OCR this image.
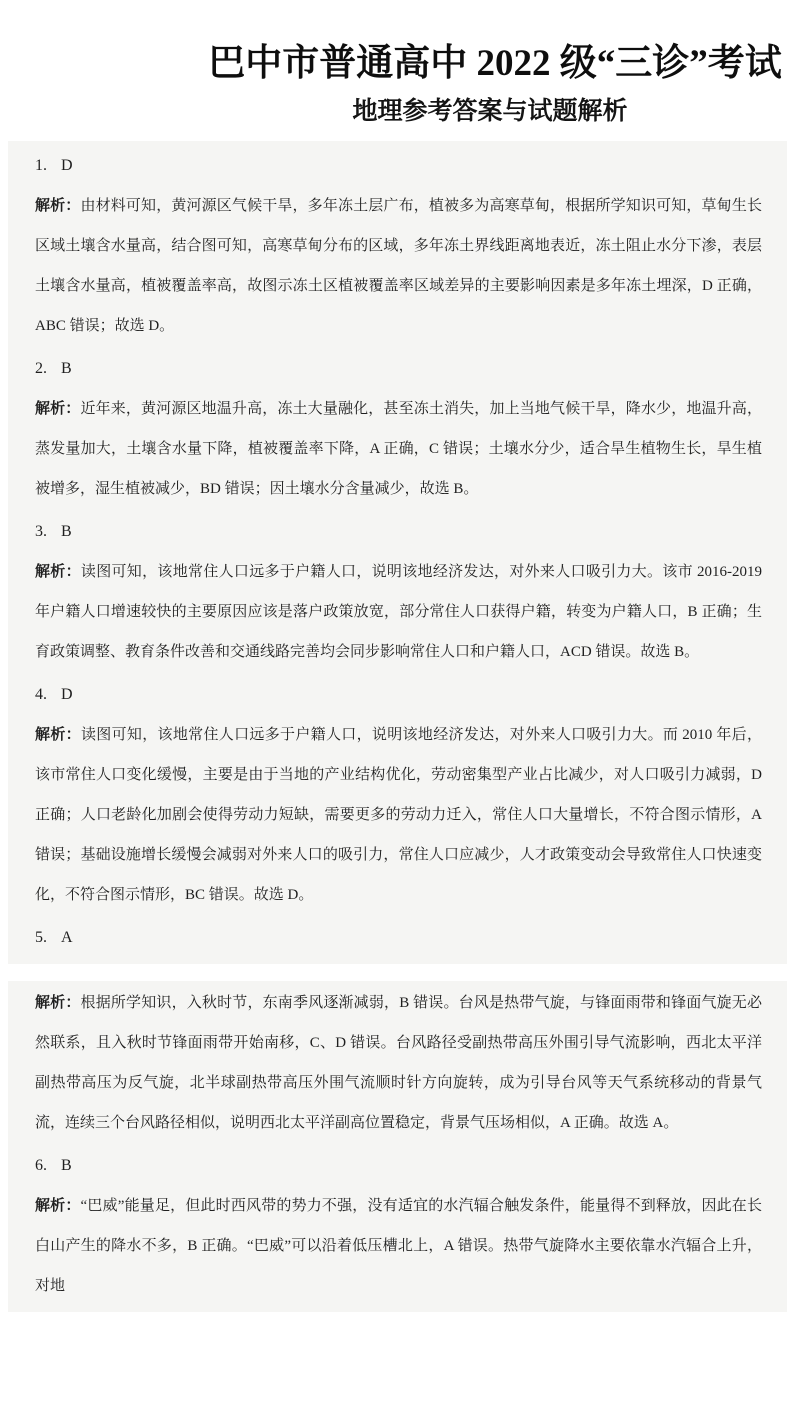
巴中市普通高中 2022 级“三诊”考试
地理参考答案与试题解析

1. D

解析：由材料可知，黄河源区气候干旱，多年冻土层广布，植被多为高寒草甸，根据所学知识可知，草甸生长区域土壤含水量高，结合图可知，高寒草甸分布的区域，多年冻土界线距离地表近，冻土阻止水分下渗，表层土壤含水量高，植被覆盖率高，故图示冻土区植被覆盖率区域差异的主要影响因素是多年冻土埋深，D 正确，ABC 错误；故选 D。

2. B

解析：近年来，黄河源区地温升高，冻土大量融化，甚至冻土消失，加上当地气候干旱，降水少，地温升高，蒸发量加大，土壤含水量下降，植被覆盖率下降，A 正确，C 错误；土壤水分少，适合旱生植物生长，旱生植被增多，湿生植被减少，BD 错误；因土壤水分含量减少，故选 B。

3. B

解析：读图可知，该地常住人口远多于户籍人口，说明该地经济发达，对外来人口吸引力大。该市 2016-2019 年户籍人口增速较快的主要原因应该是落户政策放宽，部分常住人口获得户籍，转变为户籍人口，B 正确；生育政策调整、教育条件改善和交通线路完善均会同步影响常住人口和户籍人口，ACD 错误。故选 B。

4. D

解析：读图可知，该地常住人口远多于户籍人口，说明该地经济发达，对外来人口吸引力大。而 2010 年后，该市常住人口变化缓慢，主要是由于当地的产业结构优化，劳动密集型产业占比减少，对人口吸引力减弱，D 正确；人口老龄化加剧会使得劳动力短缺，需要更多的劳动力迁入，常住人口大量增长，不符合图示情形，A 错误；基础设施增长缓慢会减弱对外来人口的吸引力，常住人口应减少，人才政策变动会导致常住人口快速变化，不符合图示情形，BC 错误。故选 D。

5. A

解析：根据所学知识，入秋时节，东南季风逐渐减弱，B 错误。台风是热带气旋，与锋面雨带和锋面气旋无必然联系，且入秋时节锋面雨带开始南移，C、D 错误。台风路径受副热带高压外围引导气流影响，西北太平洋副热带高压为反气旋，北半球副热带高压外围气流顺时针方向旋转，成为引导台风等天气系统移动的背景气流，连续三个台风路径相似，说明西北太平洋副高位置稳定，背景气压场相似，A 正确。故选 A。

6. B

解析：“巴威”能量足，但此时西风带的势力不强，没有适宜的水汽辐合触发条件，能量得不到释放，因此在长白山产生的降水不多，B 正确。“巴威”可以沿着低压槽北上，A 错误。热带气旋降水主要依靠水汽辐合上升，对地
